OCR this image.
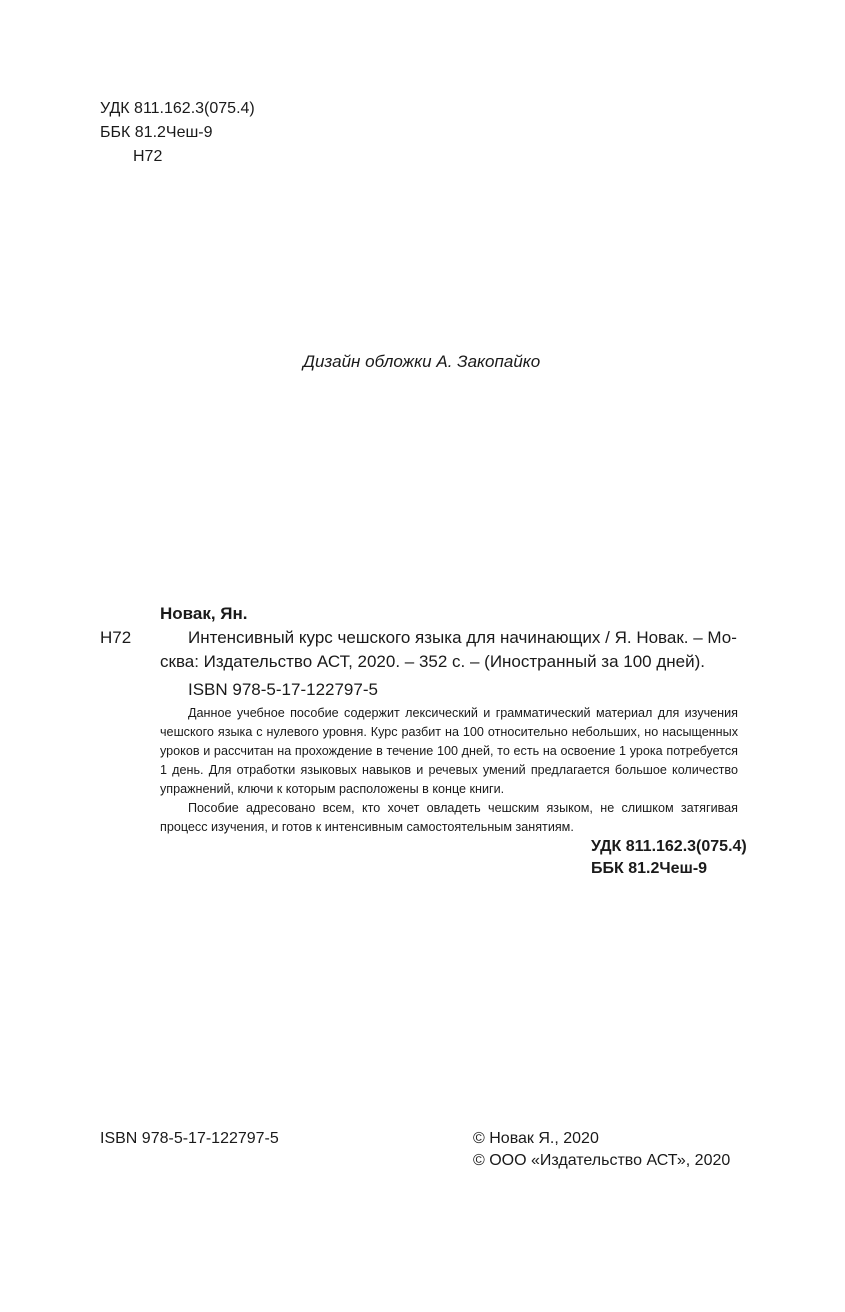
УДК 811.162.3(075.4)
ББК 81.2Чеш-9
Н72
Дизайн обложки А. Закопайко
Новак, Ян.
Н72	Интенсивный курс чешского языка для начинающих / Я. Новак. – Мо-
сква: Издательство АСТ, 2020. – 352 с. – (Иностранный за 100 дней).
ISBN 978-5-17-122797-5

Данное учебное пособие содержит лексический и грамматический материал для изучения чешского языка с нулевого уровня. Курс разбит на 100 относительно небольших, но насыщенных уроков и рассчитан на прохождение в течение 100 дней, то есть на освоение 1 урока потребуется 1 день. Для отработки языковых навыков и речевых умений предлагается большое количество упражнений, ключи к которым расположены в конце книги.

Пособие адресовано всем, кто хочет овладеть чешским языком, не слишком затягивая процесс изучения, и готов к интенсивным самостоятельным занятиям.

УДК 811.162.3(075.4)
ББК 81.2Чеш-9
ISBN 978-5-17-122797-5	© Новак Я., 2020
© ООО «Издательство АСТ», 2020
